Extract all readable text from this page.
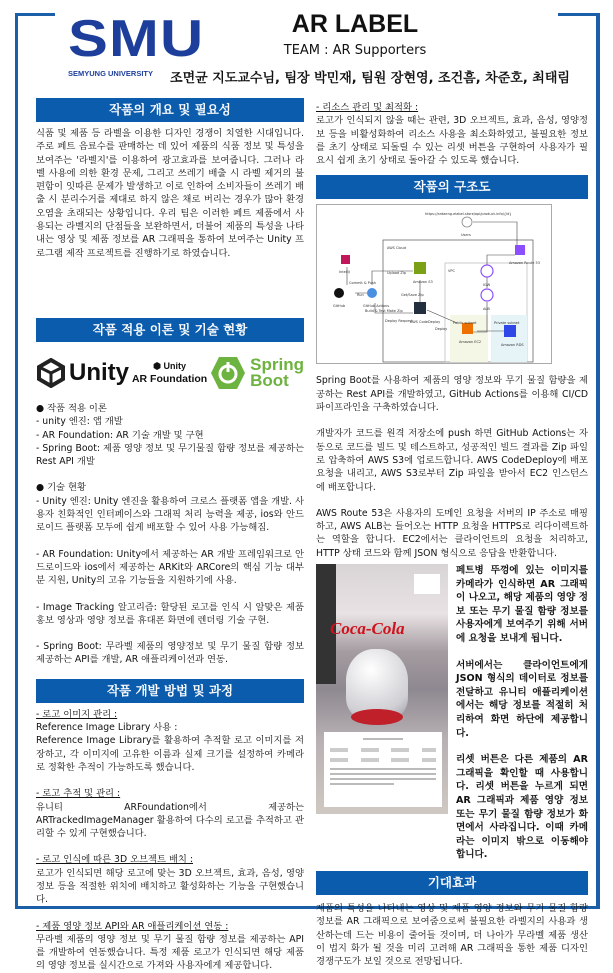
SMU
SEMYUNG UNIVERSITY
AR LABEL
TEAM : AR Supporters
조면균 지도교수님, 팀장 박민재, 팀원 장현영, 조건흠, 차준호, 최태림
작품의 개요 및 필요성

식품 및 제품 등 라벨을 이용한 디자인 경쟁이 치열한 시대입니다. 주로 페트 음료수를 판매하는 데 있어 제품의 식품 정보 및 특성을 보여주는 '라벨지'를 이용하여 광고효과를 보여줍니다. 그러나 라벨 사용에 의한 환경 문제, 그리고 쓰레기 배출 시 라벨 제거의 불편함이 잇따른 문제가 발생하고 이로 인하여 소비자들이 쓰레기 배출 시 분리수거를 제대로 하지 않은 채로 버리는 경우가 많아 환경 오염을 초래되는 상황입니다. 우리 팀은 이러한 페트 제품에서 사용되는 라벨지의 단점들을 보완하면서, 더불어 제품의 특성을 나타내는 영상 및 제품 정보를 AR 그래픽을 통하여 보여주는 Unity 프로그램 제작 프로젝트를 진행하기로 하였습니다.

작품 적용 이론 및 기술 현황
Unity	⬢ Unity
AR Foundation
Spring
Boot
● 작품 적용 이론

- unity 엔진: 앱 개발

- AR Foundation: AR 기술 개발 및 구현

- Spring Boot: 제품 영양 정보 및 무기물질 함량 정보를 제공하는 Rest API 개발

● 기술 현황

- Unity 엔진: Unity 엔진을 활용하여 크로스 플랫폼 앱을 개발. 사용자 친화적인 인터페이스와 그래픽 처리 능력을 제공, ios와 안드로이드 플랫폼 모두에 쉽게 배포할 수 있어 사용 가능해짐.

- AR Foundation: Unity에서 제공하는 AR 개발 프레임워크로 안드로이드와 ios에서 제공하는 ARKit와 ARCore의 핵심 기능 대부분 지원, Unity의 고유 기능들을 지원하기에 사용.

- Image Tracking 알고리즘: 할당된 로고를 인식 시 알맞은 제품 홍보 영상과 영양 정보를 휴대폰 화면에 렌더링 기술 구현.

- Spring Boot: 무라벨 제품의 영양정보 및 무기 물질 함량 정보 제공하는 API를 개발, AR 애플리케이션과 연동.

작품 개발 방법 및 과정
- 로고 이미지 관리 :

Reference Image Library 사용 :

Reference Image Library를 활용하여 추적할 로고 이미지를 저장하고, 각 이미지에 고유한 이름과 실제 크기를 설정하여 카메라로 정확한 추적이 가능하도록 했습니다.

- 로고 추적 및 관리 :

유니티 ARFoundation에서 제공하는 ARTrackedImageManager 활용하여 다수의 로고를 추적하고 관리할 수 있게 구현했습니다.

- 로고 인식에 따른 3D 오브젝트 배치 :

로고가 인식되면 해당 로고에 맞는 3D 오브젝트, 효과, 음성, 영양 정보 등을 적절한 위치에 배치하고 활성화하는 기능을 구현했습니다.

- 제품 영양 정보 API와 AR 애플리케이션 연동 :

무라벨 제품의 영양 정보 및 무기 물질 함량 정보를 제공하는 API를 개발하여 연동했습니다. 특정 제품 로고가 인식되면 해당 제품의 영양 정보를 실시간으로 가져와 사용자에게 제공합니다.

- 리소스 관리 및 최적화 :

로고가 인식되지 않을 때는 관련, 3D 오브젝트, 효과, 음성, 영양정보 등을 비활성화하여 리소스 사용을 최소화하였고, 불필요한 정보를 초기 상태로 되돌릴 수 있는 리셋 버튼을 구현하여 사용자가 필요시 쉽게 초기 상태로 돌아갈 수 있도록 했습니다.

작품의 구조도
https://ardaeng.elabel.store/api/product-info/{id}
Users
AWS Cloud
Amazon Route 53
VPC
IGW
ALB
Public subnet	Private subnet
Amazon EC2
Amazon RDS
Amazon S3
AWS CodeDeploy
IntelliJ
GitHub	GitHub Actions
Commit & Push
Run
Build & Test Make Zip
Upload Zip
Get/Save Zip
Deploy Request
Deploy

Spring Boot를 사용하여 제품의 영양 정보와 무기 물질 함량을 제공하는 Rest API를 개발하였고, GitHub Actions를 이용해 CI/CD 파이프라인을 구축하였습니다.

개발자가 코드를 원격 저장소에 push 하면 GitHub Actions는 자동으로 코드를 빌드 및 테스트하고, 성공적인 빌드 결과를 Zip 파일로 압축하여 AWS S3에 업로드합니다. AWS CodeDeploy에 배포 요청을 내리고, AWS S3로부터 Zip 파일을 받아서 EC2 인스턴스에 배포합니다.

AWS Route 53은 사용자의 도메인 요청을 서버의 IP 주소로 매핑하고, AWS ALB는 들어오는 HTTP 요청을 HTTPS로 리다이렉트하는 역할을 합니다. EC2에서는 클라이언트의 요청을 처리하고, HTTP 상태 코드와 함께 JSON 형식으로 응답을 반환합니다.

Coca-Cola

페트병 뚜껑에 있는 이미지를 카메라가 인식하면 AR 그래픽이 나오고, 해당 제품의 영양 정보 또는 무기 물질 함량 정보를 사용자에게 보여주기 위해 서버에 요청을 보내게 됩니다.

서버에서는 클라이언트에게 JSON 형식의 데이터로 정보를 전달하고 유니티 애플리케이션에서는 해당 정보를 적절히 처리하여 화면 하단에 제공합니다.

리셋 버튼은 다른 제품의 AR 그래픽을 확인할 때 사용합니다. 리셋 버튼을 누르게 되면 AR 그래픽과 제품 영양 정보 또는 무기 물질 함량 정보가 화면에서 사라집니다. 이때 카메라는 이미지 밖으로 이동해야 합니다.

기대효과

제품의 특성을 나타내는 영상 및 제품 영양 정보와 무기 물질 함량 정보를 AR 그래픽으로 보여줌으로써 불필요한 라벨지의 사용과 생산하는데 드는 비용이 줄어들 것이며, 더 나아가 무라벨 제품 생산이 법지 화가 될 것을 미리 고려해 AR 그래픽을 통한 제품 디자인 경쟁구도가 보일 것으로 전망됩니다.
